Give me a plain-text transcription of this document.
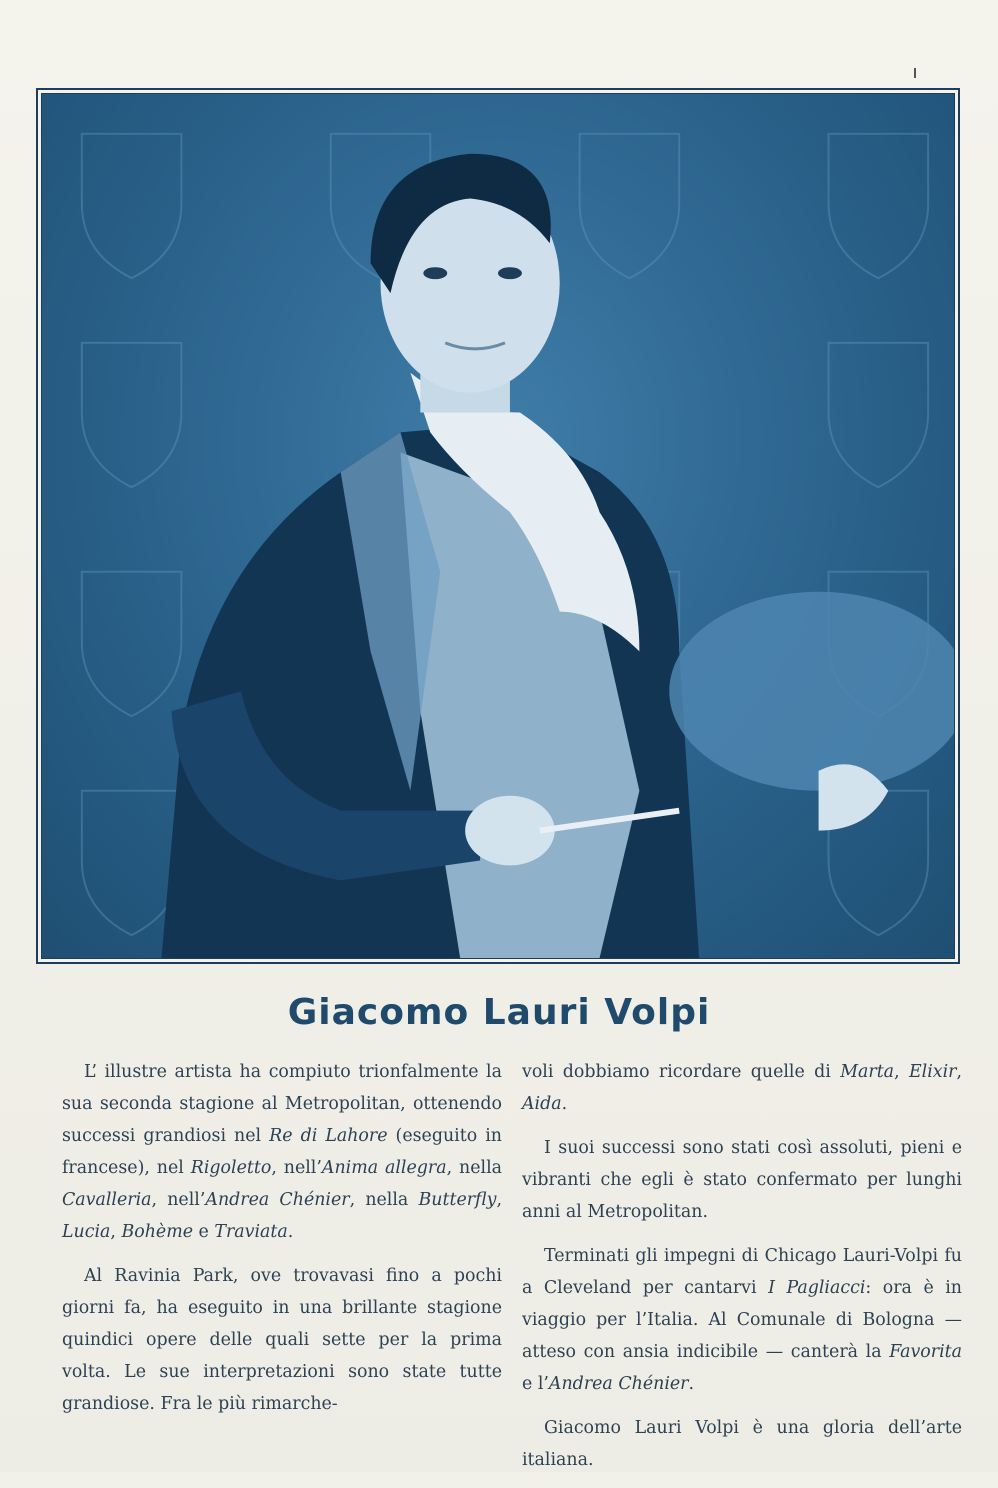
Giacomo Lauri Volpi

L’ illustre artista ha compiuto trionfalmente la sua seconda stagione al Metropolitan, ottenendo successi grandiosi nel Re di Lahore (eseguito in francese), nel Rigoletto, nell’Anima allegra, nella Cavalleria, nell’Andrea Chénier, nella Butterfly, Lucia, Bohème e Traviata.

Al Ravinia Park, ove trovavasi fino a pochi giorni fa, ha eseguito in una brillante stagione quindici opere delle quali sette per la prima volta. Le sue interpretazioni sono state tutte grandiose. Fra le più rimarche-

voli dobbiamo ricordare quelle di Marta, Elixir, Aida.

I suoi successi sono stati così assoluti, pieni e vibranti che egli è stato confermato per lunghi anni al Metropolitan.

Terminati gli impegni di Chicago Lauri-Volpi fu a Cleveland per cantarvi I Pagliacci: ora è in viaggio per l’Italia. Al Comunale di Bologna — atteso con ansia indicibile — canterà la Favorita e l’Andrea Chénier.

Giacomo Lauri Volpi è una gloria dell’arte italiana.
